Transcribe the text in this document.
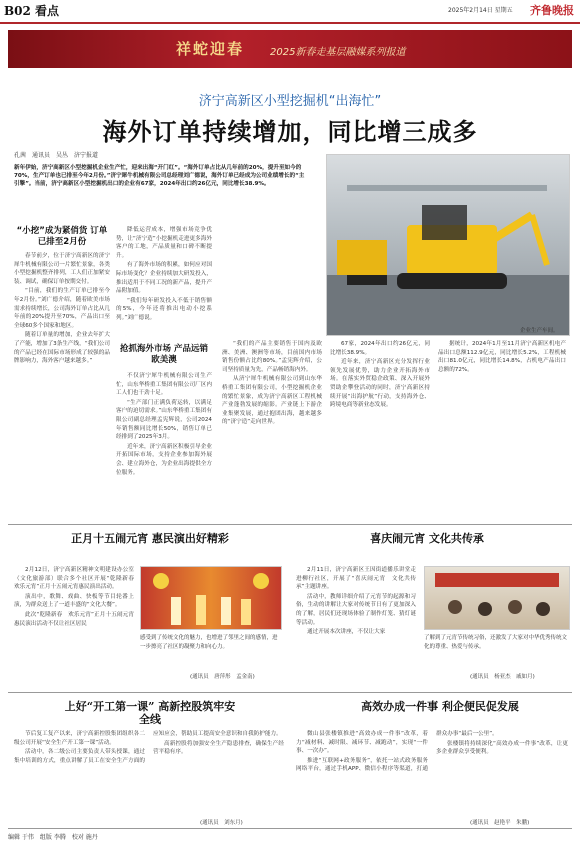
B02 看点	2025年2月14日 星期五 齐鲁晚报
祥蛇迎春	2025新春走基层融媒系列报道
济宁高新区小型挖掘机“出海忙”
海外订单持续增加，同比增三成多
孔茜　通讯员　吴丛　济宁报道
新年伊始，济宁高新区小型挖掘机企业生产忙，迎来出海“开门红”。“海外订单占比从几年前的20%，提升至如今的70%，生产订单也已排至今年2月份。”济宁犀牛机械有限公司总经理刘广德说，海外订单已经成为公司业绩增长的“主引擎”。当前，济宁高新区小型挖掘机出口的企业有67家，2024年出口约26亿元，同比增长38.9%。
企业生产车间。
“小挖”成为紧俏货 订单已排至2月份

春节前夕，位于济宁高新区的济宁犀牛机械有限公司一片繁忙景象，各类小型挖掘机整齐排列，工人们正加紧安装、调试，确保订单按期交付。

“目前，我们的生产订单已排至今年2月份。”刘广德介绍，随着欧美市场需求持续增长，公司海外订单占比从几年前的20%提升至70%，产品出口至全球60多个国家和地区。

随着订单量的增加，企业去年扩大了产能，增加了3条生产线，“我们公司的产品已经在国际市场形成了较强的品牌影响力，海外客户越来越多。”

降低运营成本，增强市场竞争优势，让“济宁造”小挖掘机走进更多海外客户的工地，产品质量和口碑不断提升。

有了海外市场的积累，如何应对国际市场变化？企业持续加大研发投入，推出适用于不同工况的新产品，提升产品附加值。

“我们每年研发投入不低于销售额的5%，今年还将推出电动小挖系列。”刘广德说。

抢抓海外市场 产品远销欧美澳

不仅济宁犀牛机械有限公司生产忙，山东华桥重工集团有限公司厂区内工人们也干劲十足。

“生产部门正满负荷运转，以满足客户的迫切需求。”山东华桥重工集团有限公司副总经理孟宪辉说，公司2024年销售额同比增长50%，销售订单已经排到了2025年3月。

近年来，济宁高新区积极引导企业开拓国际市场，支持企业参加海外展会、建立海外仓，为企业出海提供全方位服务。

“我们的产品主要销售于国内及欧洲、美洲、澳洲等市场，目前国内市场销售份额占比约80%。”孟宪辉介绍，公司坚持质量为先，产品畅销海内外。

从济宁犀牛机械有限公司到山东华桥重工集团有限公司，小型挖掘机企业的繁忙景象，成为济宁高新区工程机械产业蓬勃发展的缩影。产业链上下游企业集聚发展，通过抱团出海，越来越多的“济宁造”走向世界。

67家，2024年出口约26亿元，同比增长38.9%。

近年来，济宁高新区充分发挥行业领先发展优势，助力企业开拓海外市场。在落实外贸稳企政策、深入开展外贸助企攀登活动的同时，济宁高新区持续开展“出海护航”行动，支持海外仓、跨境电商等新业态发展。

据统计，2024年1月至11月济宁高新区机电产品出口总额112.9亿元，同比增长5.2%，工程机械出口81.0亿元，同比增长14.8%，占机电产品出口总额的72%。

正月十五闹元宵 惠民演出好精彩

2月12日，济宁高新区精神文明建设办公室（文化旅游部）联合多个社区开展“乾隆新春　欢乐元宵”正月十五闹元宵惠民演出活动。

演出中，歌舞、戏曲、快板等节目轮番上演，为群众送上了一道丰盛的“文化大餐”。

此次“乾隆新春　欢乐元宵”正月十五闹元宵惠民演出活动不仅让社区居民

感受到了传统文化的魅力，也增进了邻里之间的感情，进一步擦亮了社区的凝聚力和向心力。
(通讯员　唐萍彤　孟金南)
喜庆闹元宵 文化共传承

2月11日，济宁高新区王因街道播乐讲堂走进柳行社区，开展了“喜庆闹元宵　文化共传承”主题讲座。

活动中，教师详细介绍了元宵节的起源和习俗，生动的讲解让大家对传统节日有了更加深入的了解，居民们还现场体验了制作灯笼、猜灯谜等活动。

通过开展本次讲座，不仅让大家

了解到了元宵节传统习俗，还激发了大家对中华优秀传统文化的尊重、热爱与传承。
(通讯员　杨亚杰　戚如月)
上好“开工第一课” 高新控股筑牢安全线

节后复工复产以来，济宁高新控股集团组织各二级公司开展“安全生产开工第一课”活动。

活动中，各二级公司主要负责人带头授课，通过集中培训的方式，重点讲解了员工在安全生产方面的应知应会，帮助员工提高安全意识和自我防护能力。

高新控股将加强安全生产隐患排查，确保生产经营平稳有序。

(通讯员　刘东月)
高效办成一件事 利企便民促发展

微山县张楼镇推进“高效办成一件事”改革，着力“减材料、减时限、减环节、减跑动”，实现“一件事、一次办”。

推进“互联网+政务服务”，依托一站式政务服务网络平台，通过手机APP、微信小程序等渠道，打通群众办事“最后一公里”。

张楼镇将持续深化“高效办成一件事”改革，让更多企业群众享受便利。

(通讯员　赵艳平　朱鹏)
编辑 于伟　组版 李腾　校对 施丹
